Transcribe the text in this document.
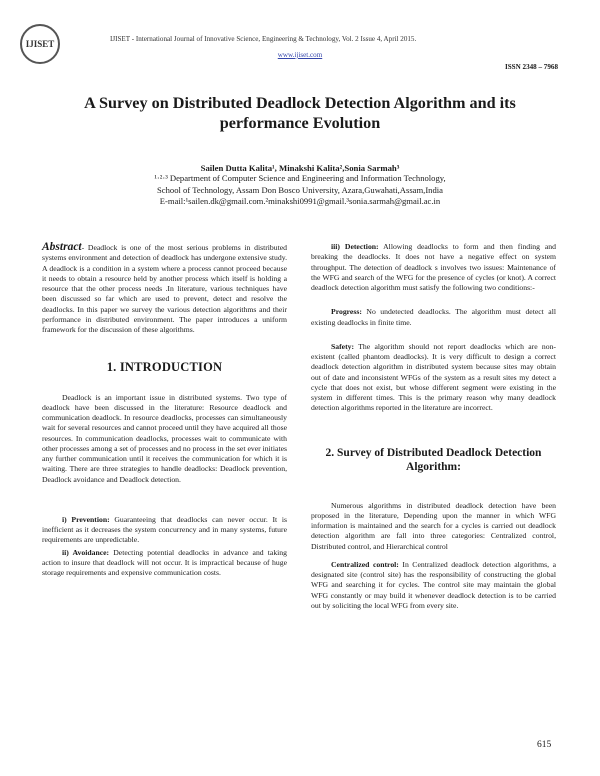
IJISET	IJISET - International Journal of Innovative Science, Engineering & Technology, Vol. 2 Issue 4, April 2015.
www.ijiset.com
ISSN 2348 – 7968
A Survey on Distributed Deadlock Detection Algorithm and its performance Evolution
Sailen Dutta Kalita¹, Minakshi Kalita²,Sonia Sarmah³
¹·²·³ Department of Computer Science and Engineering and Information Technology,
School of Technology, Assam Don Bosco University, Azara,Guwahati,Assam,India
E-mail:¹sailen.dk@gmail.com.²minakshi0991@gmail.³sonia.sarmah@gmail.ac.in

Abstract- Deadlock is one of the most serious problems in distributed systems environment and detection of deadlock has undergone extensive study. A deadlock is a condition in a system where a process cannot proceed because it needs to obtain a resource held by another process which itself is holding a resource that the other process needs .In literature, various techniques have been discussed so far which are used to prevent, detect and resolve the deadlocks. In this paper we survey the various detection algorithms and their performance in distributed environment. The paper introduces a uniform framework for the discussion of these algorithms.

1. INTRODUCTION

Deadlock is an important issue in distributed systems. Two type of deadlock have been discussed in the literature: Resource deadlock and communication deadlock. In resource deadlocks, processes can simultaneously wait for several resources and cannot proceed until they have acquired all those resources. In communication deadlocks, processes wait to communicate with other processes among a set of processes and no process in the set ever initiates any further communication until it receives the communication for which it is waiting. There are three strategies to handle deadlocks: Deadlock prevention, Deadlock avoidance and Deadlock detection.

i) Prevention: Guaranteeing that deadlocks can never occur. It is inefficient as it decreases the system concurrency and in many systems, future requirements are unpredictable.

ii) Avoidance: Detecting potential deadlocks in advance and taking action to insure that deadlock will not occur. It is impractical because of huge storage requirements and expensive communication costs.

iii) Detection: Allowing deadlocks to form and then finding and breaking the deadlocks. It does not have a negative effect on system throughput. The detection of deadlock s involves two issues: Maintenance of the WFG and search of the WFG for the presence of cycles (or knot). A correct deadlock detection algorithm must satisfy the following two conditions:-

Progress: No undetected deadlocks. The algorithm must detect all existing deadlocks in finite time.

Safety: The algorithm should not report deadlocks which are non-existent (called phantom deadlocks). It is very difficult to design a correct deadlock detection algorithm in distributed system because sites may obtain out of date and inconsistent WFGs of the system as a result sites my detect a cycle that does not exist, but whose different segment were existing in the system in different times. This is the primary reason why many deadlock detection algorithms reported in the literature are incorrect.

2. Survey of Distributed Deadlock Detection Algorithm:

Numerous algorithms in distributed deadlock detection have been proposed in the literature, Depending upon the manner in which WFG information is maintained and the search for a cycles is carried out deadlock detection algorithm are fall into three categories: Centralized control, Distributed control, and Hierarchical control

Centralized control: In Centralized deadlock detection algorithms, a designated site (control site) has the responsibility of constructing the global WFG and searching it for cycles. The control site may maintain the global WFG constantly or may build it whenever deadlock detection is to be carried out by soliciting the local WFG from every site.

615
